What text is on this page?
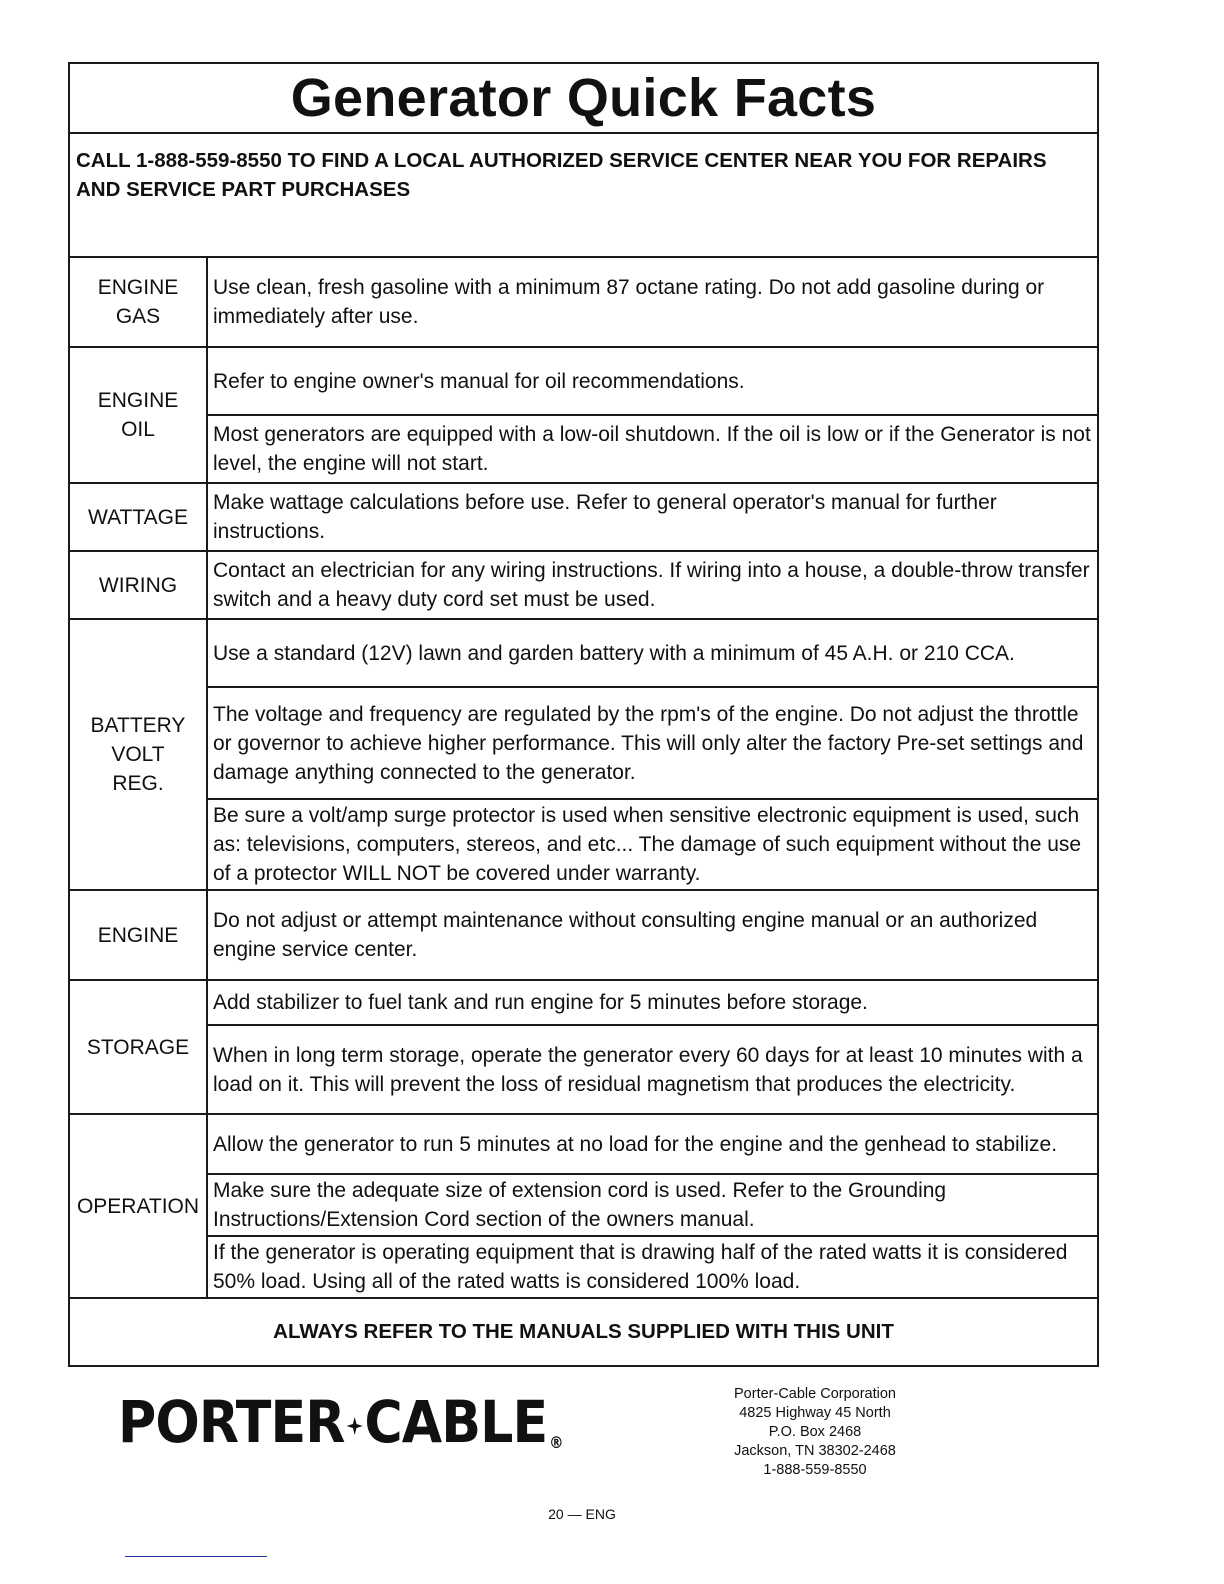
Generator Quick Facts	
CALL 1-888-559-8550 TO FIND A LOCAL AUTHORIZED SERVICE CENTER NEAR YOU FOR REPAIRS AND SERVICE PART PURCHASES	
ENGINE
GAS	Use clean, fresh gasoline with a minimum 87 octane rating. Do not add gasoline during or immediately after use.
ENGINE
OIL	Refer to engine owner's manual for oil recommendations.
	Most generators are equipped with a low-oil shutdown. If the oil is low or if the Generator is not level, the engine will not start.
WATTAGE	Make wattage calculations before use. Refer to general operator's manual for further instructions.
WIRING	Contact an electrician for any wiring instructions. If wiring into a house, a double-throw transfer switch and a heavy duty cord set must be used.
BATTERY
VOLT
REG.	Use a standard (12V) lawn and garden battery with a minimum of 45 A.H. or 210 CCA.
	The voltage and frequency are regulated by the rpm's of the engine. Do not adjust the throttle or governor to achieve higher performance. This will only alter the factory Pre-set settings and damage anything connected to the generator.
	Be sure a volt/amp surge protector is used when sensitive electronic equipment is used, such as: televisions, computers, stereos, and etc... The damage of such equipment without the use of a protector WILL NOT be covered under warranty.
ENGINE	Do not adjust or attempt maintenance without consulting engine manual or an authorized engine service center.
STORAGE	Add stabilizer to fuel tank and run engine for 5 minutes before storage.
	When in long term storage, operate the generator every 60 days for at least 10 minutes with a load on it. This will prevent the loss of residual magnetism that produces the electricity.
OPERATION	Allow the generator to run 5 minutes at no load for the engine and the genhead to stabilize.
	Make sure the adequate size of extension cord is used. Refer to the Grounding Instructions/Extension Cord section of the owners manual.
	If the generator is operating equipment that is drawing half of the rated watts it is considered 50% load. Using all of the rated watts is considered 100% load.
ALWAYS REFER TO THE MANUALS SUPPLIED WITH THIS UNIT	
PORTER CABLE ®
Porter-Cable Corporation
4825 Highway 45 North
P.O. Box 2468
Jackson, TN 38302-2468
1-888-559-8550
20 — ENG
